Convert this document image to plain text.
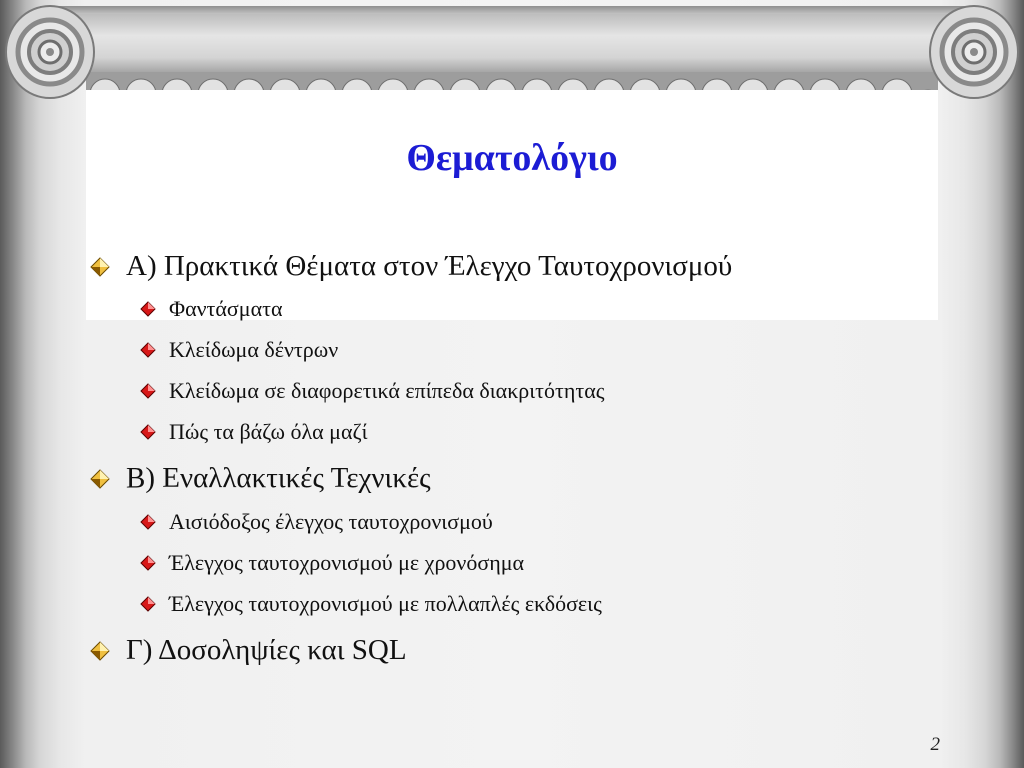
Θεματολόγιο
Α) Πρακτικά Θέματα στον Έλεγχο Ταυτοχρονισμού
Φαντάσματα
Κλείδωμα δέντρων
Κλείδωμα σε διαφορετικά επίπεδα διακριτότητας
Πώς τα βάζω όλα μαζί
Β) Εναλλακτικές Τεχνικές
Αισιόδοξος έλεγχος ταυτοχρονισμού
Έλεγχος ταυτοχρονισμού με χρονόσημα
Έλεγχος ταυτοχρονισμού με πολλαπλές εκδόσεις
Γ) Δοσοληψίες και SQL
2
